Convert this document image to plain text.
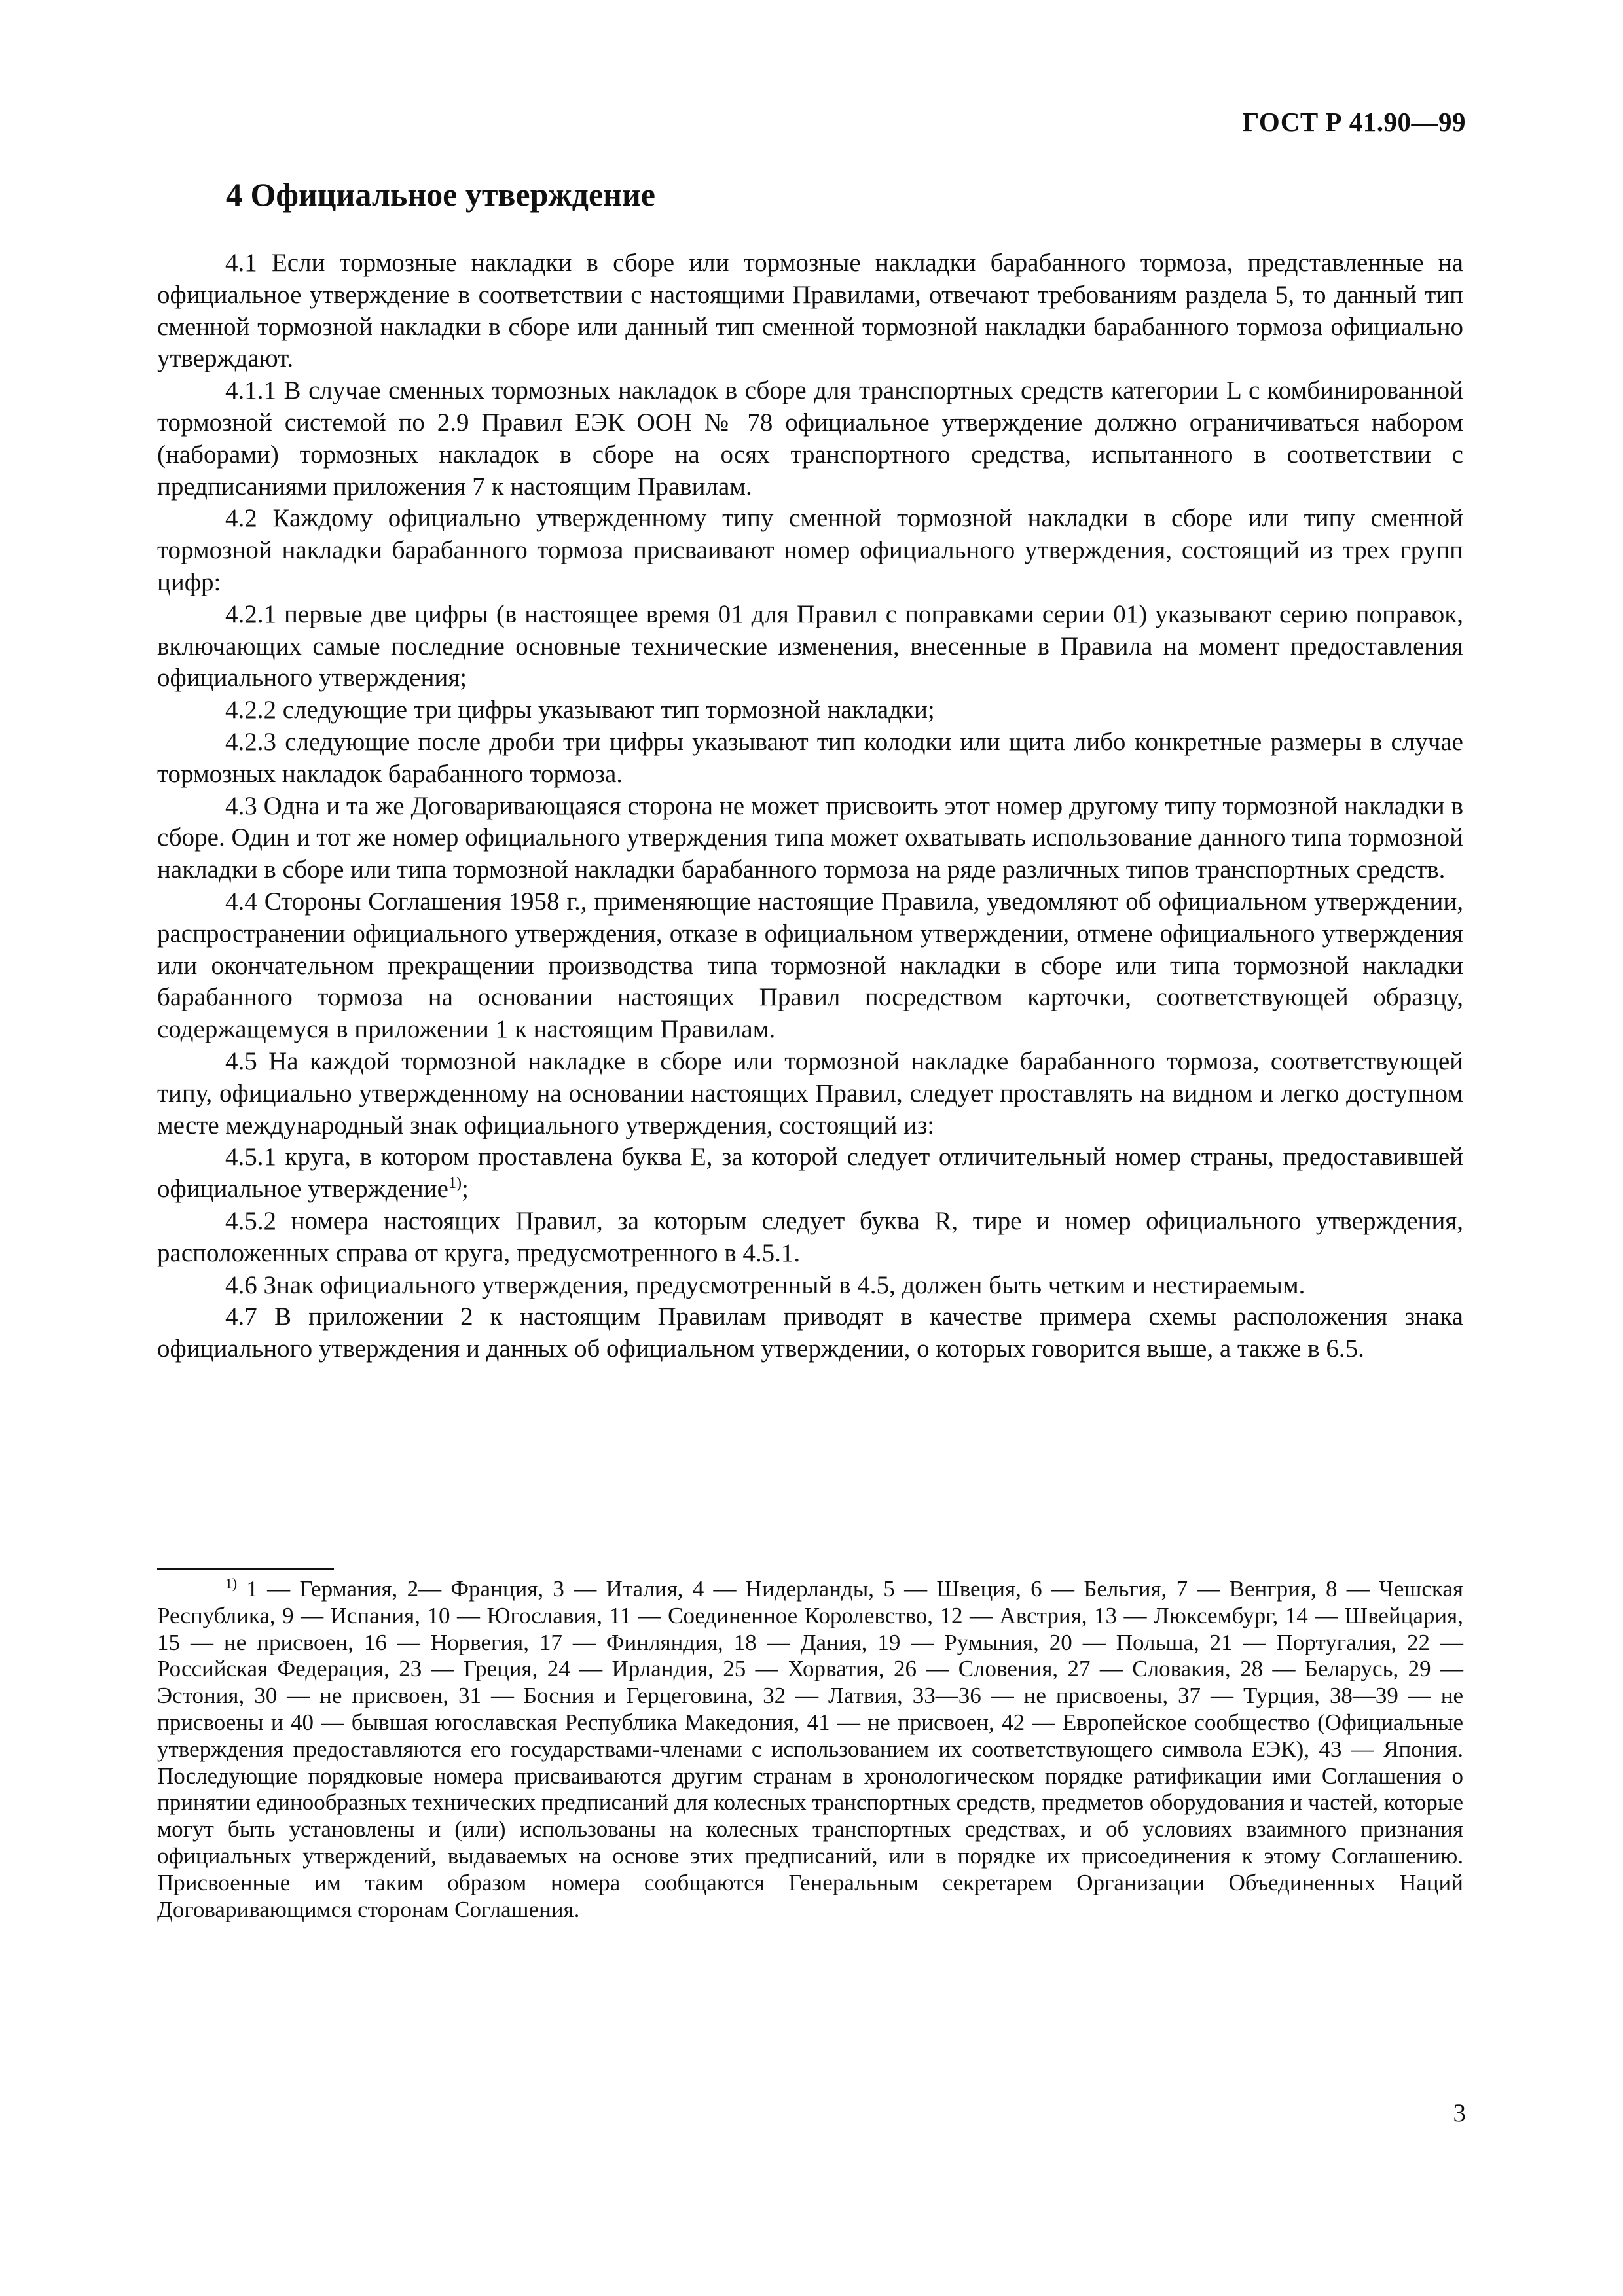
ГОСТ Р 41.90—99
4 Официальное утверждение

4.1 Если тормозные накладки в сборе или тормозные накладки барабанного тормоза, представленные на официальное утверждение в соответствии с настоящими Правилами, отвечают требованиям раздела 5, то данный тип сменной тормозной накладки в сборе или данный тип сменной тормозной накладки барабанного тормоза официально утверждают.

4.1.1 В случае сменных тормозных накладок в сборе для транспортных средств категории L с комбинированной тормозной системой по 2.9 Правил ЕЭК ООН № 78 официальное утверждение должно ограничиваться набором (наборами) тормозных накладок в сборе на осях транспортного средства, испытанного в соответствии с предписаниями приложения 7 к настоящим Правилам.

4.2 Каждому официально утвержденному типу сменной тормозной накладки в сборе или типу сменной тормозной накладки барабанного тормоза присваивают номер официального утверждения, состоящий из трех групп цифр:

4.2.1 первые две цифры (в настоящее время 01 для Правил с поправками серии 01) указывают серию поправок, включающих самые последние основные технические изменения, внесенные в Правила на момент предоставления официального утверждения;

4.2.2 следующие три цифры указывают тип тормозной накладки;

4.2.3 следующие после дроби три цифры указывают тип колодки или щита либо конкретные размеры в случае тормозных накладок барабанного тормоза.

4.3 Одна и та же Договаривающаяся сторона не может присвоить этот номер другому типу тормозной накладки в сборе. Один и тот же номер официального утверждения типа может охватывать использование данного типа тормозной накладки в сборе или типа тормозной накладки барабанного тормоза на ряде различных типов транспортных средств.

4.4 Стороны Соглашения 1958 г., применяющие настоящие Правила, уведомляют об официальном утверждении, распространении официального утверждения, отказе в официальном утверждении, отмене официального утверждения или окончательном прекращении производства типа тормозной накладки в сборе или типа тормозной накладки барабанного тормоза на основании настоящих Правил посредством карточки, соответствующей образцу, содержащемуся в приложении 1 к настоящим Правилам.

4.5 На каждой тормозной накладке в сборе или тормозной накладке барабанного тормоза, соответствующей типу, официально утвержденному на основании настоящих Правил, следует проставлять на видном и легко доступном месте международный знак официального утверждения, состоящий из:

4.5.1 круга, в котором проставлена буква Е, за которой следует отличительный номер страны, предоставившей официальное утверждение$^{1)}$;

4.5.2 номера настоящих Правил, за которым следует буква R, тире и номер официального утверждения, расположенных справа от круга, предусмотренного в 4.5.1.

4.6 Знак официального утверждения, предусмотренный в 4.5, должен быть четким и нестираемым.

4.7 В приложении 2 к настоящим Правилам приводят в качестве примера схемы расположения знака официального утверждения и данных об официальном утверждении, о которых говорится выше, а также в 6.5.

$^{1)}$ 1 — Германия, 2— Франция, 3 — Италия, 4 — Нидерланды, 5 — Швеция, 6 — Бельгия, 7 — Венгрия, 8 — Чешская Республика, 9 — Испания, 10 — Югославия, 11 — Соединенное Королевство, 12 — Австрия, 13 — Люксембург, 14 — Швейцария, 15 — не присвоен, 16 — Норвегия, 17 — Финляндия, 18 — Дания, 19 — Румыния, 20 — Польша, 21 — Португалия, 22 — Российская Федерация, 23 — Греция, 24 — Ирландия, 25 — Хорватия, 26 — Словения, 27 — Словакия, 28 — Беларусь, 29 — Эстония, 30 — не присвоен, 31 — Босния и Герцеговина, 32 — Латвия, 33—36 — не присвоены, 37 — Турция, 38—39 — не присвоены и 40 — бывшая югославская Республика Македония, 41 — не присвоен, 42 — Европейское сообщество (Официальные утверждения предоставляются его государствами-членами с использованием их соответствующего символа ЕЭК), 43 — Япония. Последующие порядковые номера присваиваются другим странам в хронологическом порядке ратификации ими Соглашения о принятии единообразных технических предписаний для колесных транспортных средств, предметов оборудования и частей, которые могут быть установлены и (или) использованы на колесных транспортных средствах, и об условиях взаимного признания официальных утверждений, выдаваемых на основе этих предписаний, или в порядке их присоединения к этому Соглашению. Присвоенные им таким образом номера сообщаются Генеральным секретарем Организации Объединенных Наций Договаривающимся сторонам Соглашения.

3
